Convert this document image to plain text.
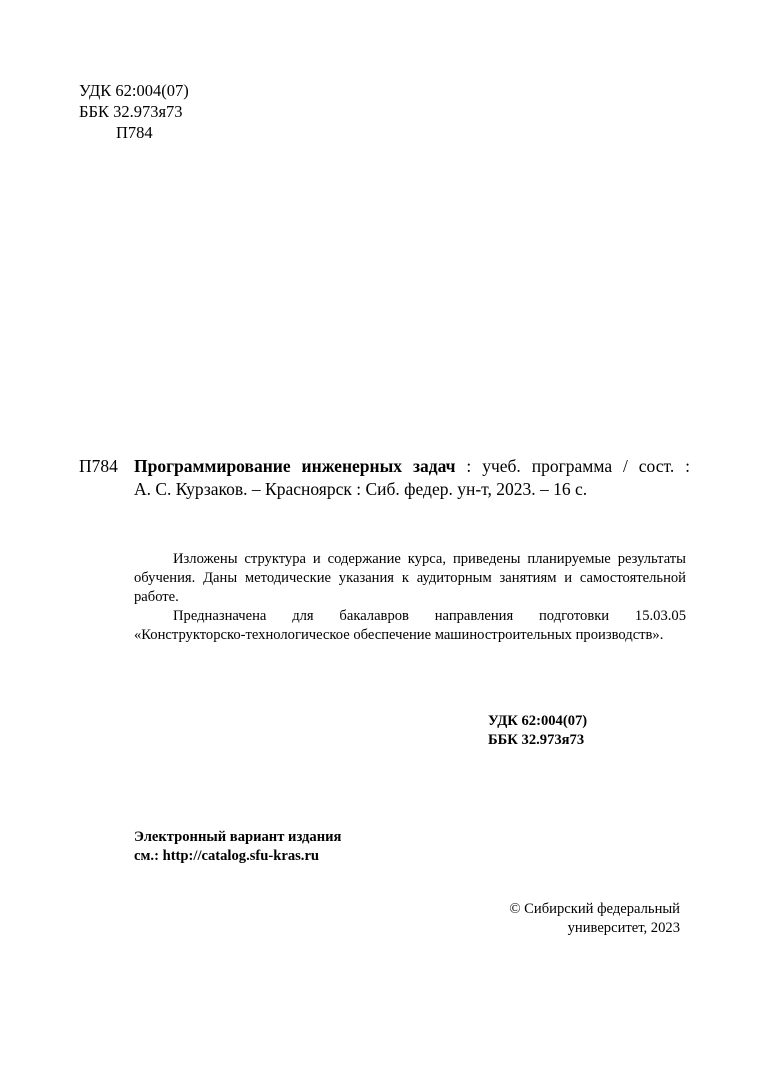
УДК 62:004(07)
ББК 32.973я73
П784
П784 Программирование инженерных задач : учеб. программа / сост. :
А. С. Курзаков. – Красноярск : Сиб. федер. ун-т, 2023. – 16 с.

Изложены структура и содержание курса, приведены планируемые результаты обучения. Даны методические указания к аудиторным занятиям и самостоятельной работе.

Предназначена для бакалавров направления подготовки 15.03.05 «Конструкторско-технологическое обеспечение машиностроительных производств».

УДК 62:004(07)
ББК 32.973я73
Электронный вариант издания
см.: http://catalog.sfu-kras.ru
© Сибирский федеральный
университет, 2023
